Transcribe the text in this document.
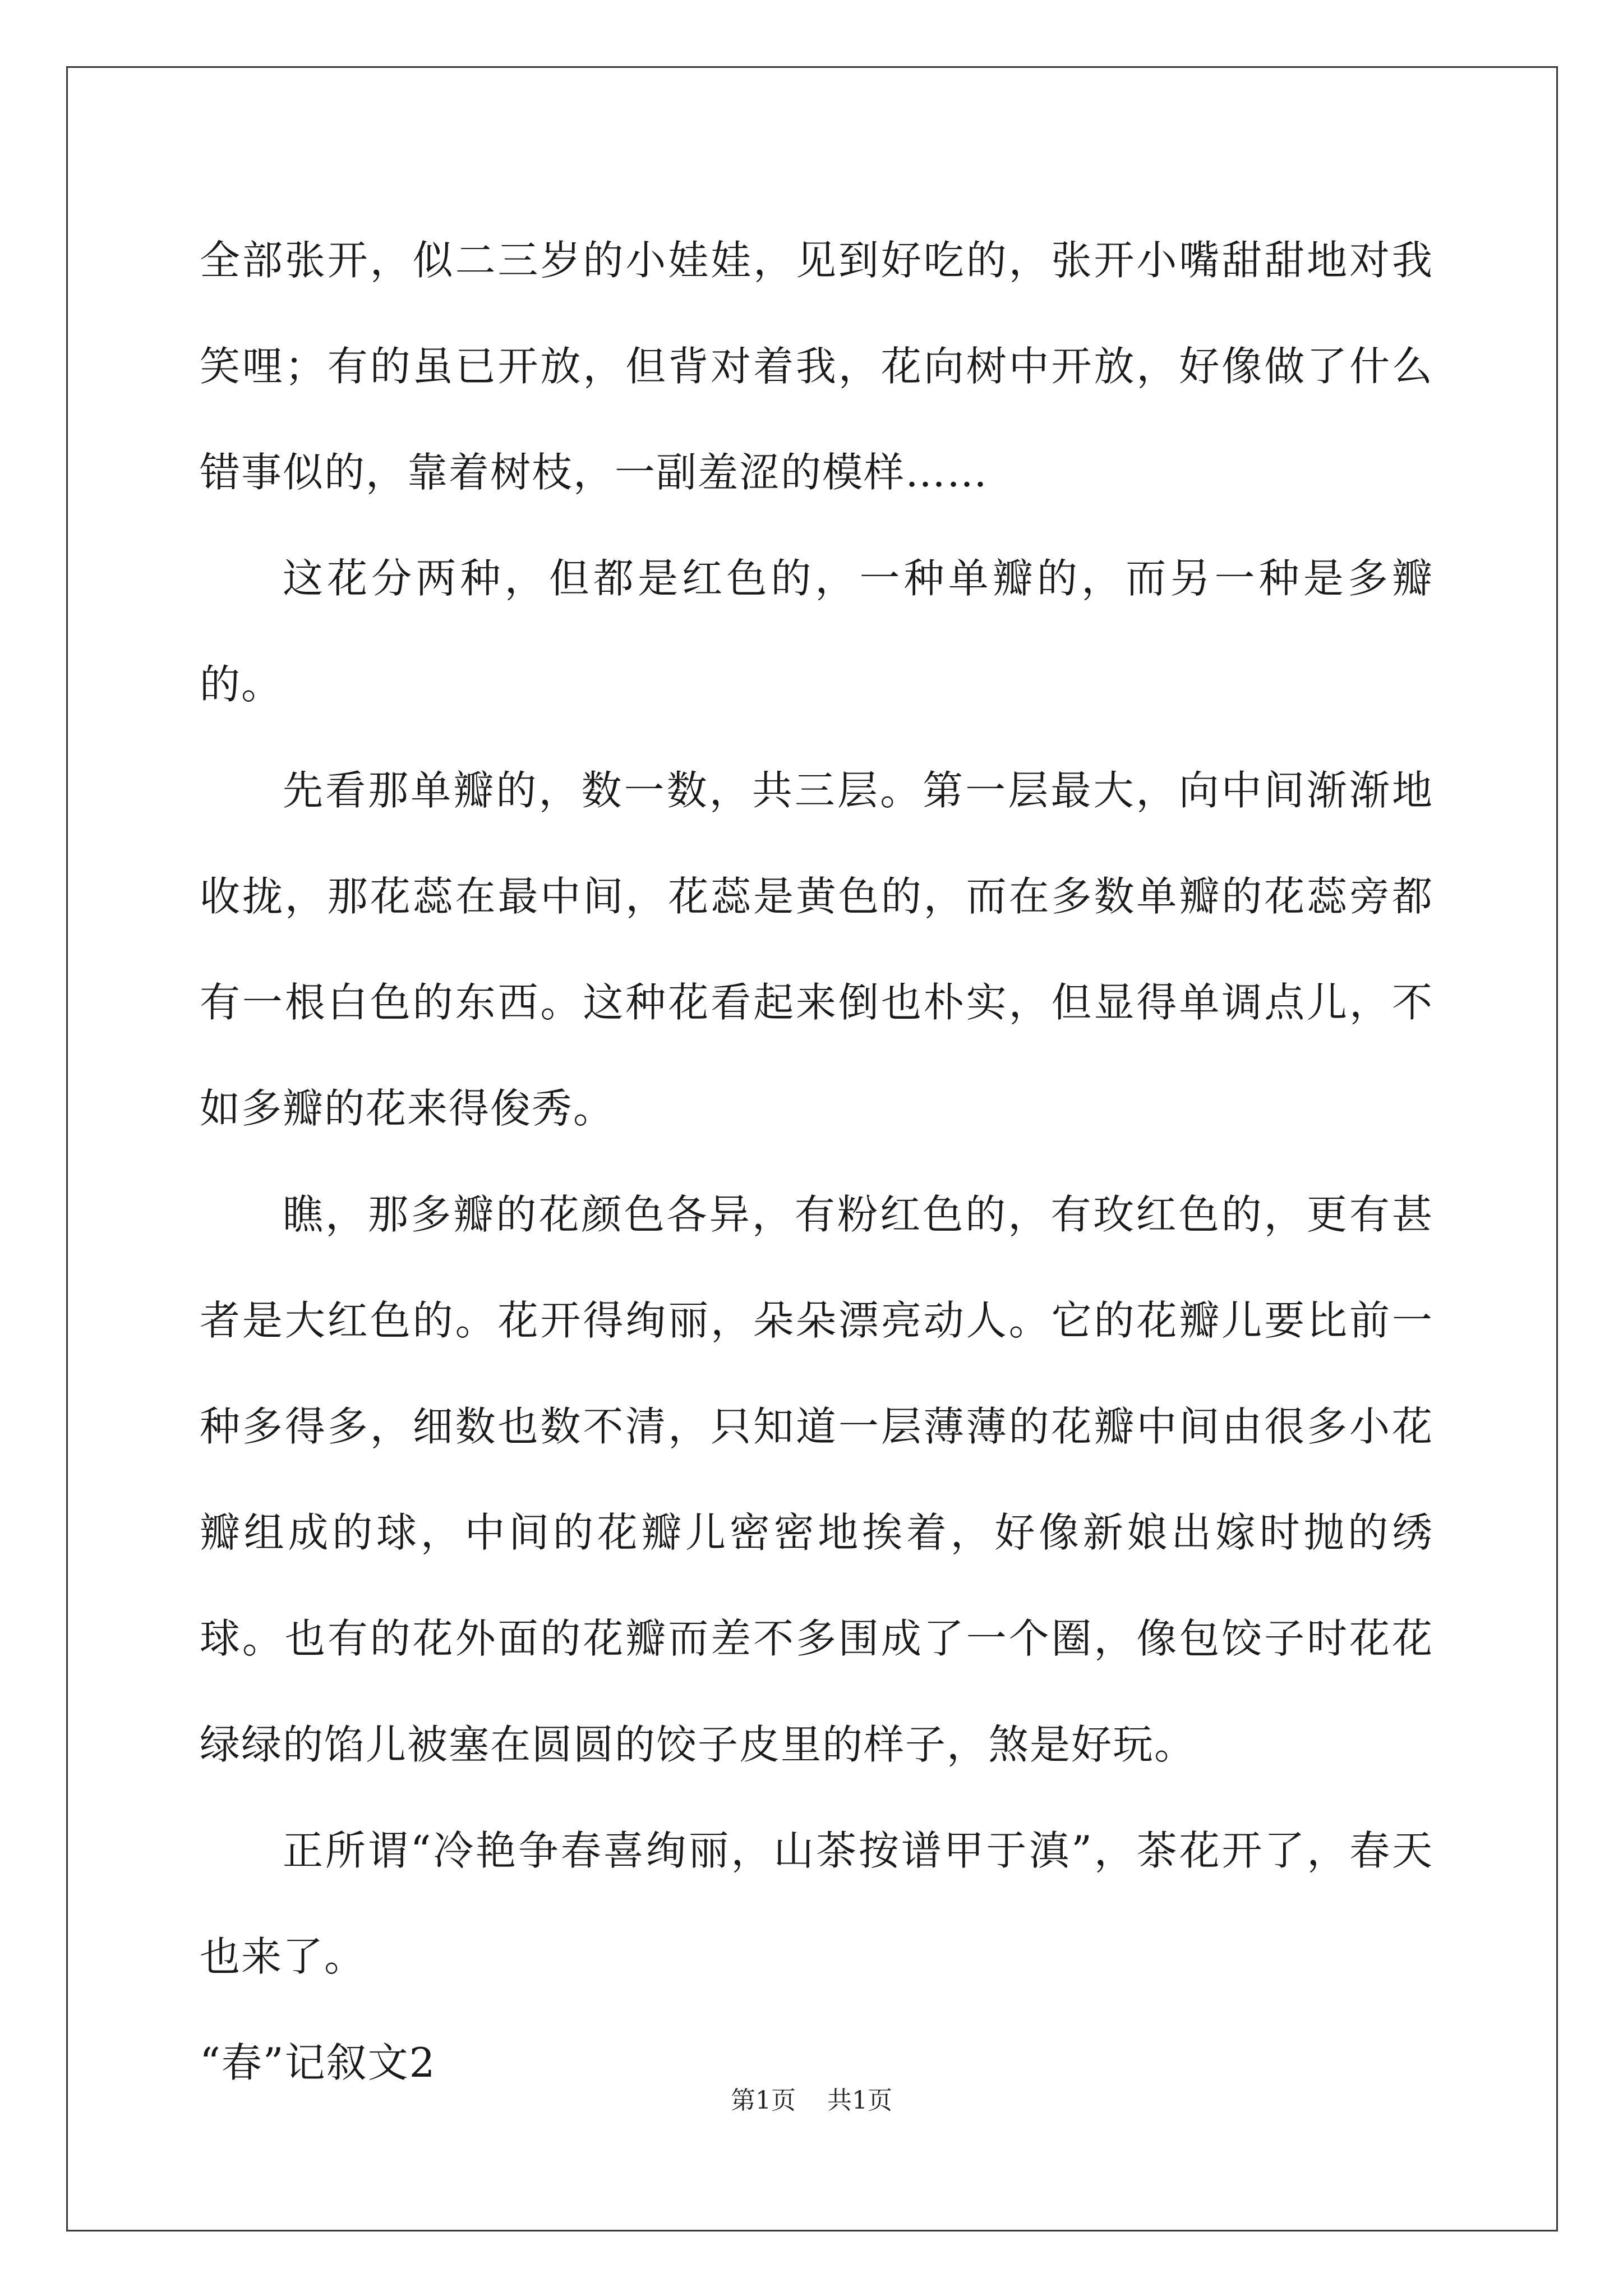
全部张开，似二三岁的小娃娃，见到好吃的，张开小嘴甜甜地对我笑哩；有的虽已开放，但背对着我，花向树中开放，好像做了什么错事似的，靠着树枝，一副羞涩的模样……

这花分两种，但都是红色的，一种单瓣的，而另一种是多瓣的。

先看那单瓣的，数一数，共三层。第一层最大，向中间渐渐地收拢，那花蕊在最中间，花蕊是黄色的，而在多数单瓣的花蕊旁都有一根白色的东西。这种花看起来倒也朴实，但显得单调点儿，不如多瓣的花来得俊秀。

瞧，那多瓣的花颜色各异，有粉红色的，有玫红色的，更有甚者是大红色的。花开得绚丽，朵朵漂亮动人。它的花瓣儿要比前一种多得多，细数也数不清，只知道一层薄薄的花瓣中间由很多小花瓣组成的球，中间的花瓣儿密密地挨着，好像新娘出嫁时抛的绣球。也有的花外面的花瓣而差不多围成了一个圈，像包饺子时花花绿绿的馅儿被塞在圆圆的饺子皮里的样子，煞是好玩。

正所谓“冷艳争春喜绚丽，山茶按谱甲于滇”，茶花开了，春天也来了。

“春”记叙文2

第1页 共1页
